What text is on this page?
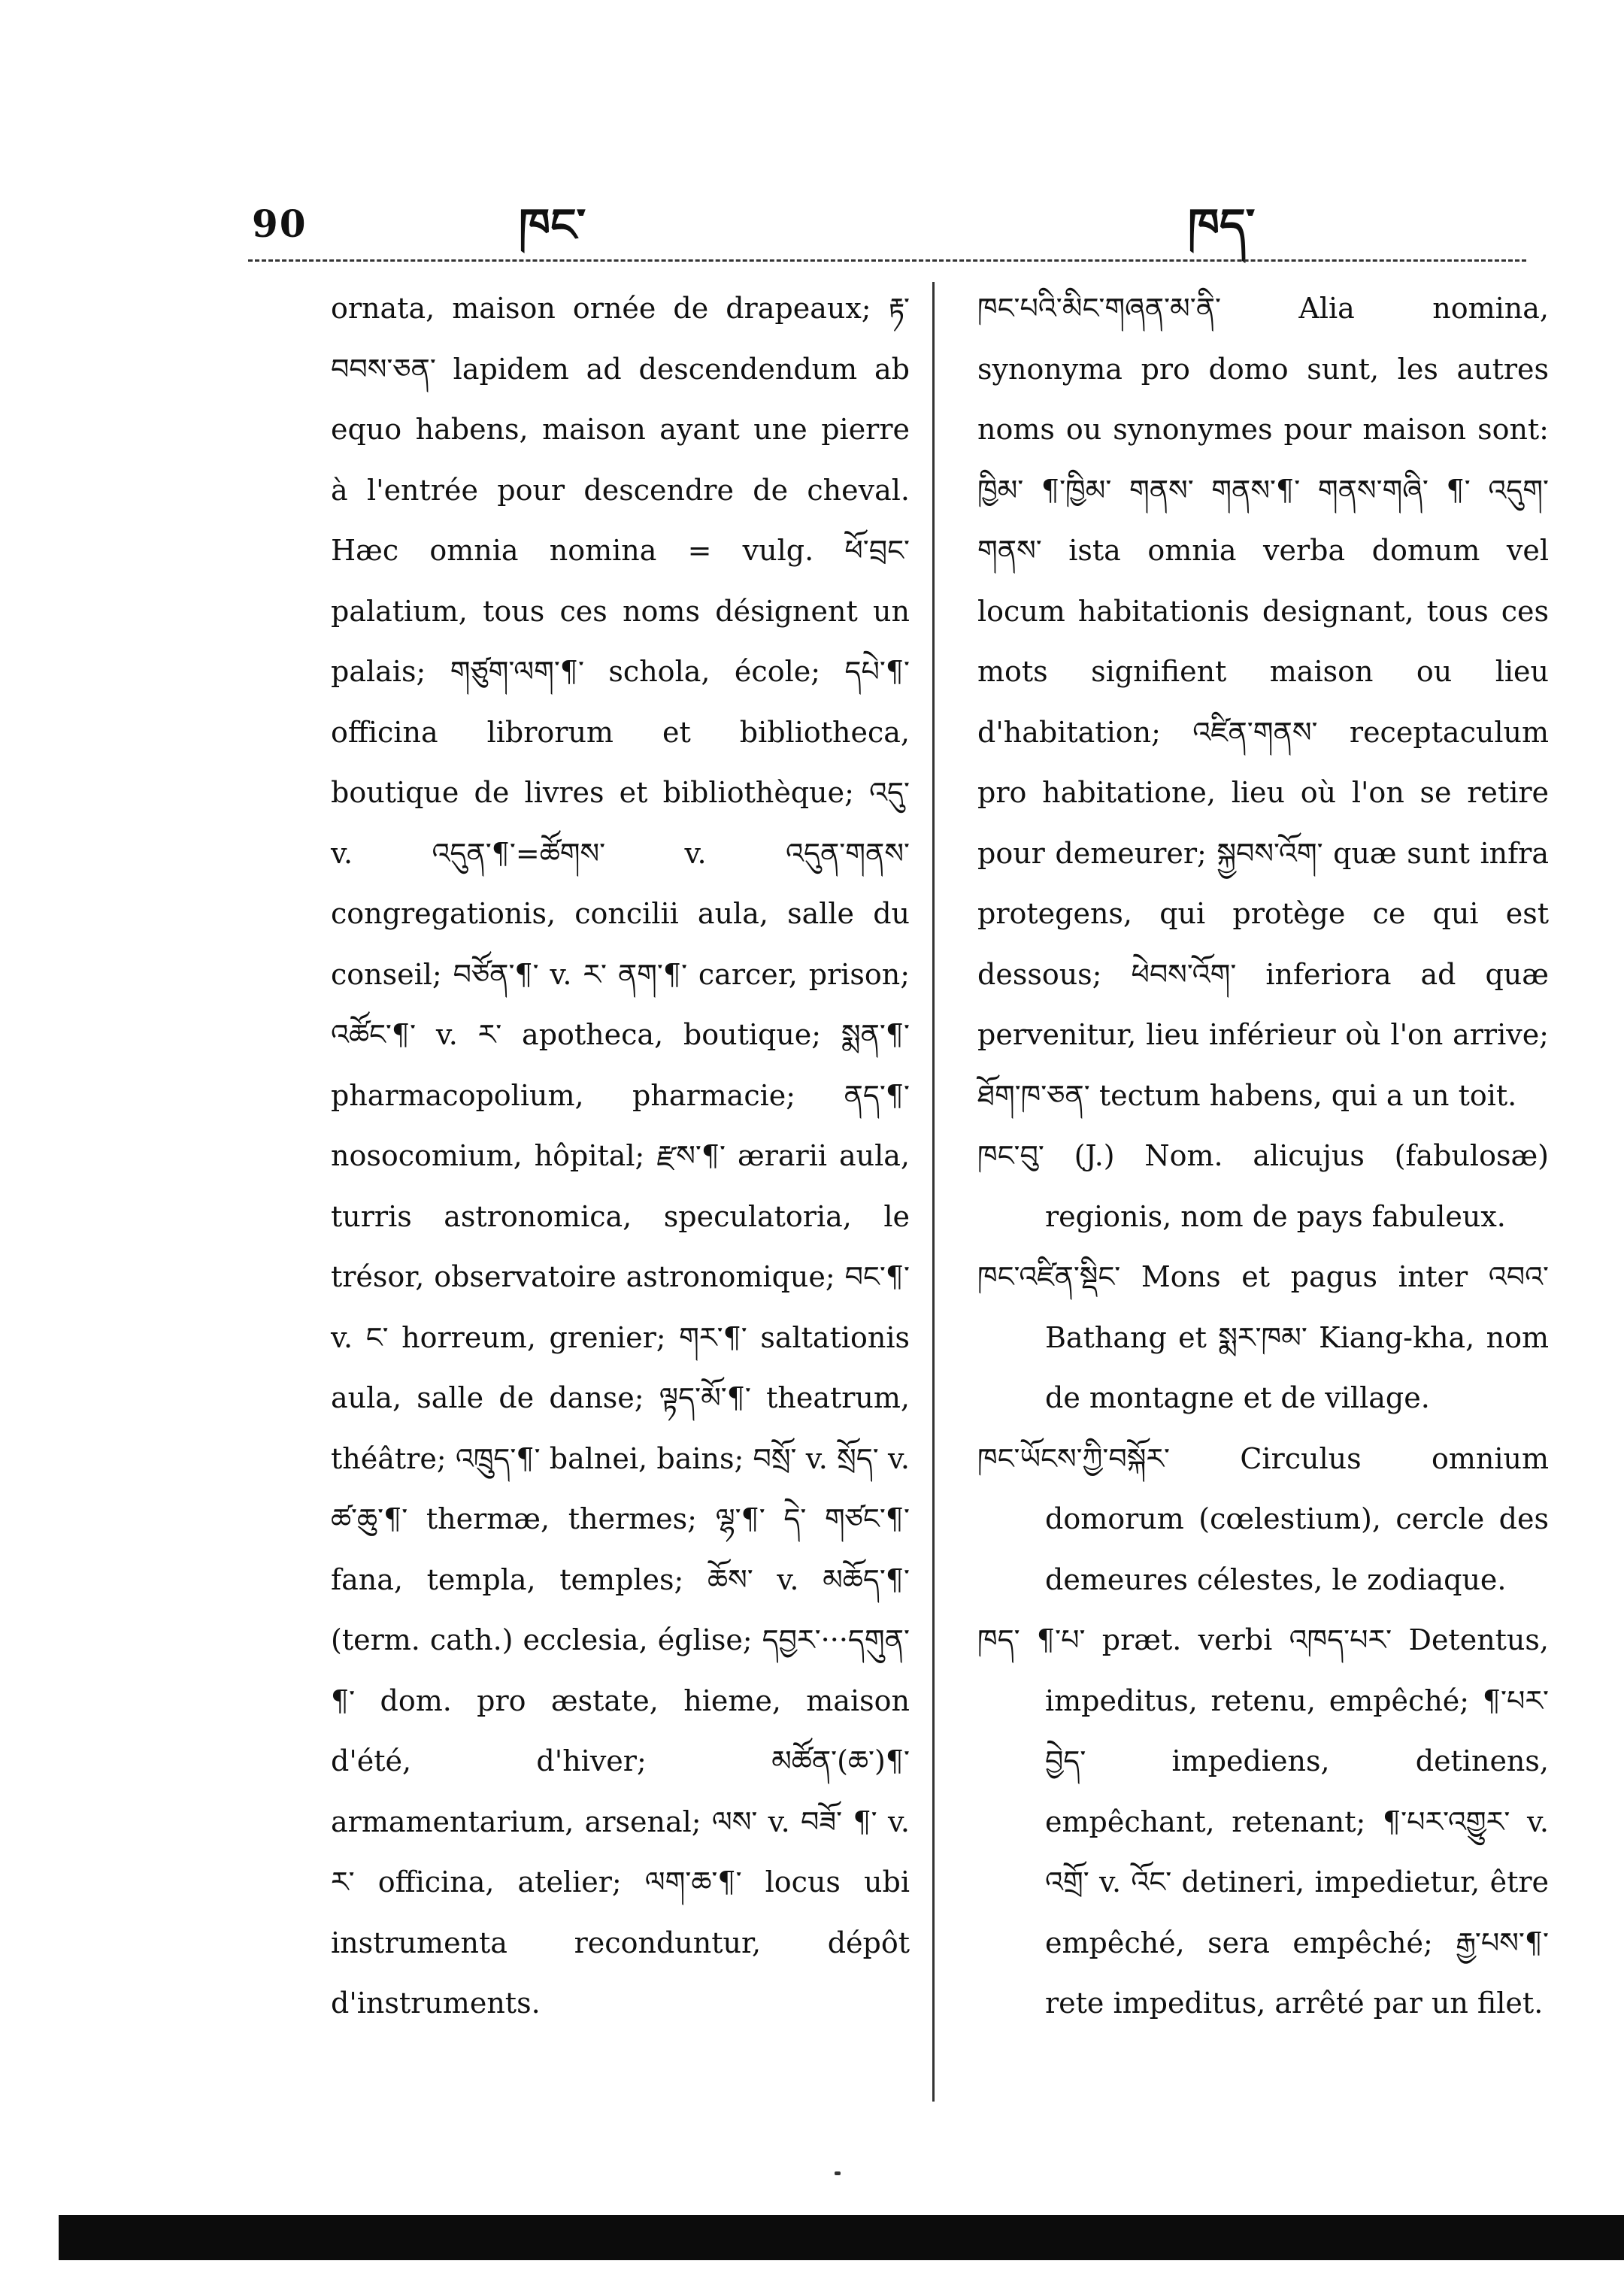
90	ཁང་	ཁད་

ornata, maison ornée de drapeaux; རྟ་བབས་ཅན་ lapidem ad descendendum ab equo habens, maison ayant une pierre à l'entrée pour descendre de cheval. Hæc omnia nomina = vulg. ཕོ་བྲང་ palatium, tous ces noms désignent un palais; གཙུག་ལག་¶་ schola, école; དཔེ་¶་ officina librorum et bibliotheca, boutique de livres et bibliothèque; འདུ་ v. འདུན་¶་=ཚོགས་ v. འདུན་གནས་ congregationis, concilii aula, salle du conseil; བཙོན་¶་ v. ར་ ནག་¶་ carcer, prison; འཚོང་¶་ v. ར་ apotheca, boutique; སྨན་¶་ pharmacopolium, pharmacie; ནད་¶་ nosocomium, hôpital; རྫས་¶་ ærarii aula, turris astronomica, speculatoria, le trésor, observatoire astronomique; བང་¶་ v. ང་ horreum, grenier; གར་¶་ saltationis aula, salle de danse; ལྟད་མོ་¶་ theatrum, théâtre; འཁྲུད་¶་ balnei, bains; བསྲོ་ v. སྲོད་ v. ཚ་ཆུ་¶་ thermæ, thermes; ལྷ་¶་ དེ་ གཙང་¶་ fana, templa, temples; ཆོས་ v. མཆོད་¶་ (term. cath.) ecclesia, église; དབྱར་···དགུན་¶་ dom. pro æstate, hieme, maison d'été, d'hiver; མཚོན་(ཆ་)¶་ armamentarium, arsenal; ལས་ v. བཟོ་ ¶་ v. ར་ officina, atelier; ལག་ཆ་¶་ locus ubi instrumenta reconduntur, dépôt d'instruments.

ཁང་པའི་མིང་གཞན་མ་ནི་ Alia nomina, synonyma pro domo sunt, les autres noms ou synonymes pour maison sont: ཁྱིམ་ ¶་ཁྱིམ་ གནས་ གནས་¶་ གནས་གཞི་ ¶་ འདུག་གནས་ ista omnia verba domum vel locum habitationis designant, tous ces mots signifient maison ou lieu d'habitation; འཛིན་གནས་ receptaculum pro habitatione, lieu où l'on se retire pour demeurer; སྐྱབས་འོག་ quæ sunt infra protegens, qui protège ce qui est dessous; ཕེབས་འོག་ inferiora ad quæ pervenitur, lieu inférieur où l'on arrive; ཐོག་ཁ་ཅན་ tectum habens, qui a un toit.

ཁང་བུ་ (J.) Nom. alicujus (fabulosæ) regionis, nom de pays fabuleux.

ཁང་འཛིན་སྡིང་ Mons et pagus inter འབའ་ Bathang et སྨར་ཁམ་ Kiang-kha, nom de montagne et de village.

ཁང་ཡོངས་ཀྱི་བསྐོར་ Circulus omnium domorum (cœlestium), cercle des demeures célestes, le zodiaque.

ཁད་ ¶་པ་ præt. verbi འཁད་པར་ Detentus, impeditus, retenu, empêché; ¶་པར་ བྱེད་ impediens, detinens, empêchant, retenant; ¶་པར་འགྱུར་ v. འགྲོ་ v. འོང་ detineri, impedietur, être empêché, sera empêché; རྒྱ་པས་¶་ rete impeditus, arrêté par un filet.
